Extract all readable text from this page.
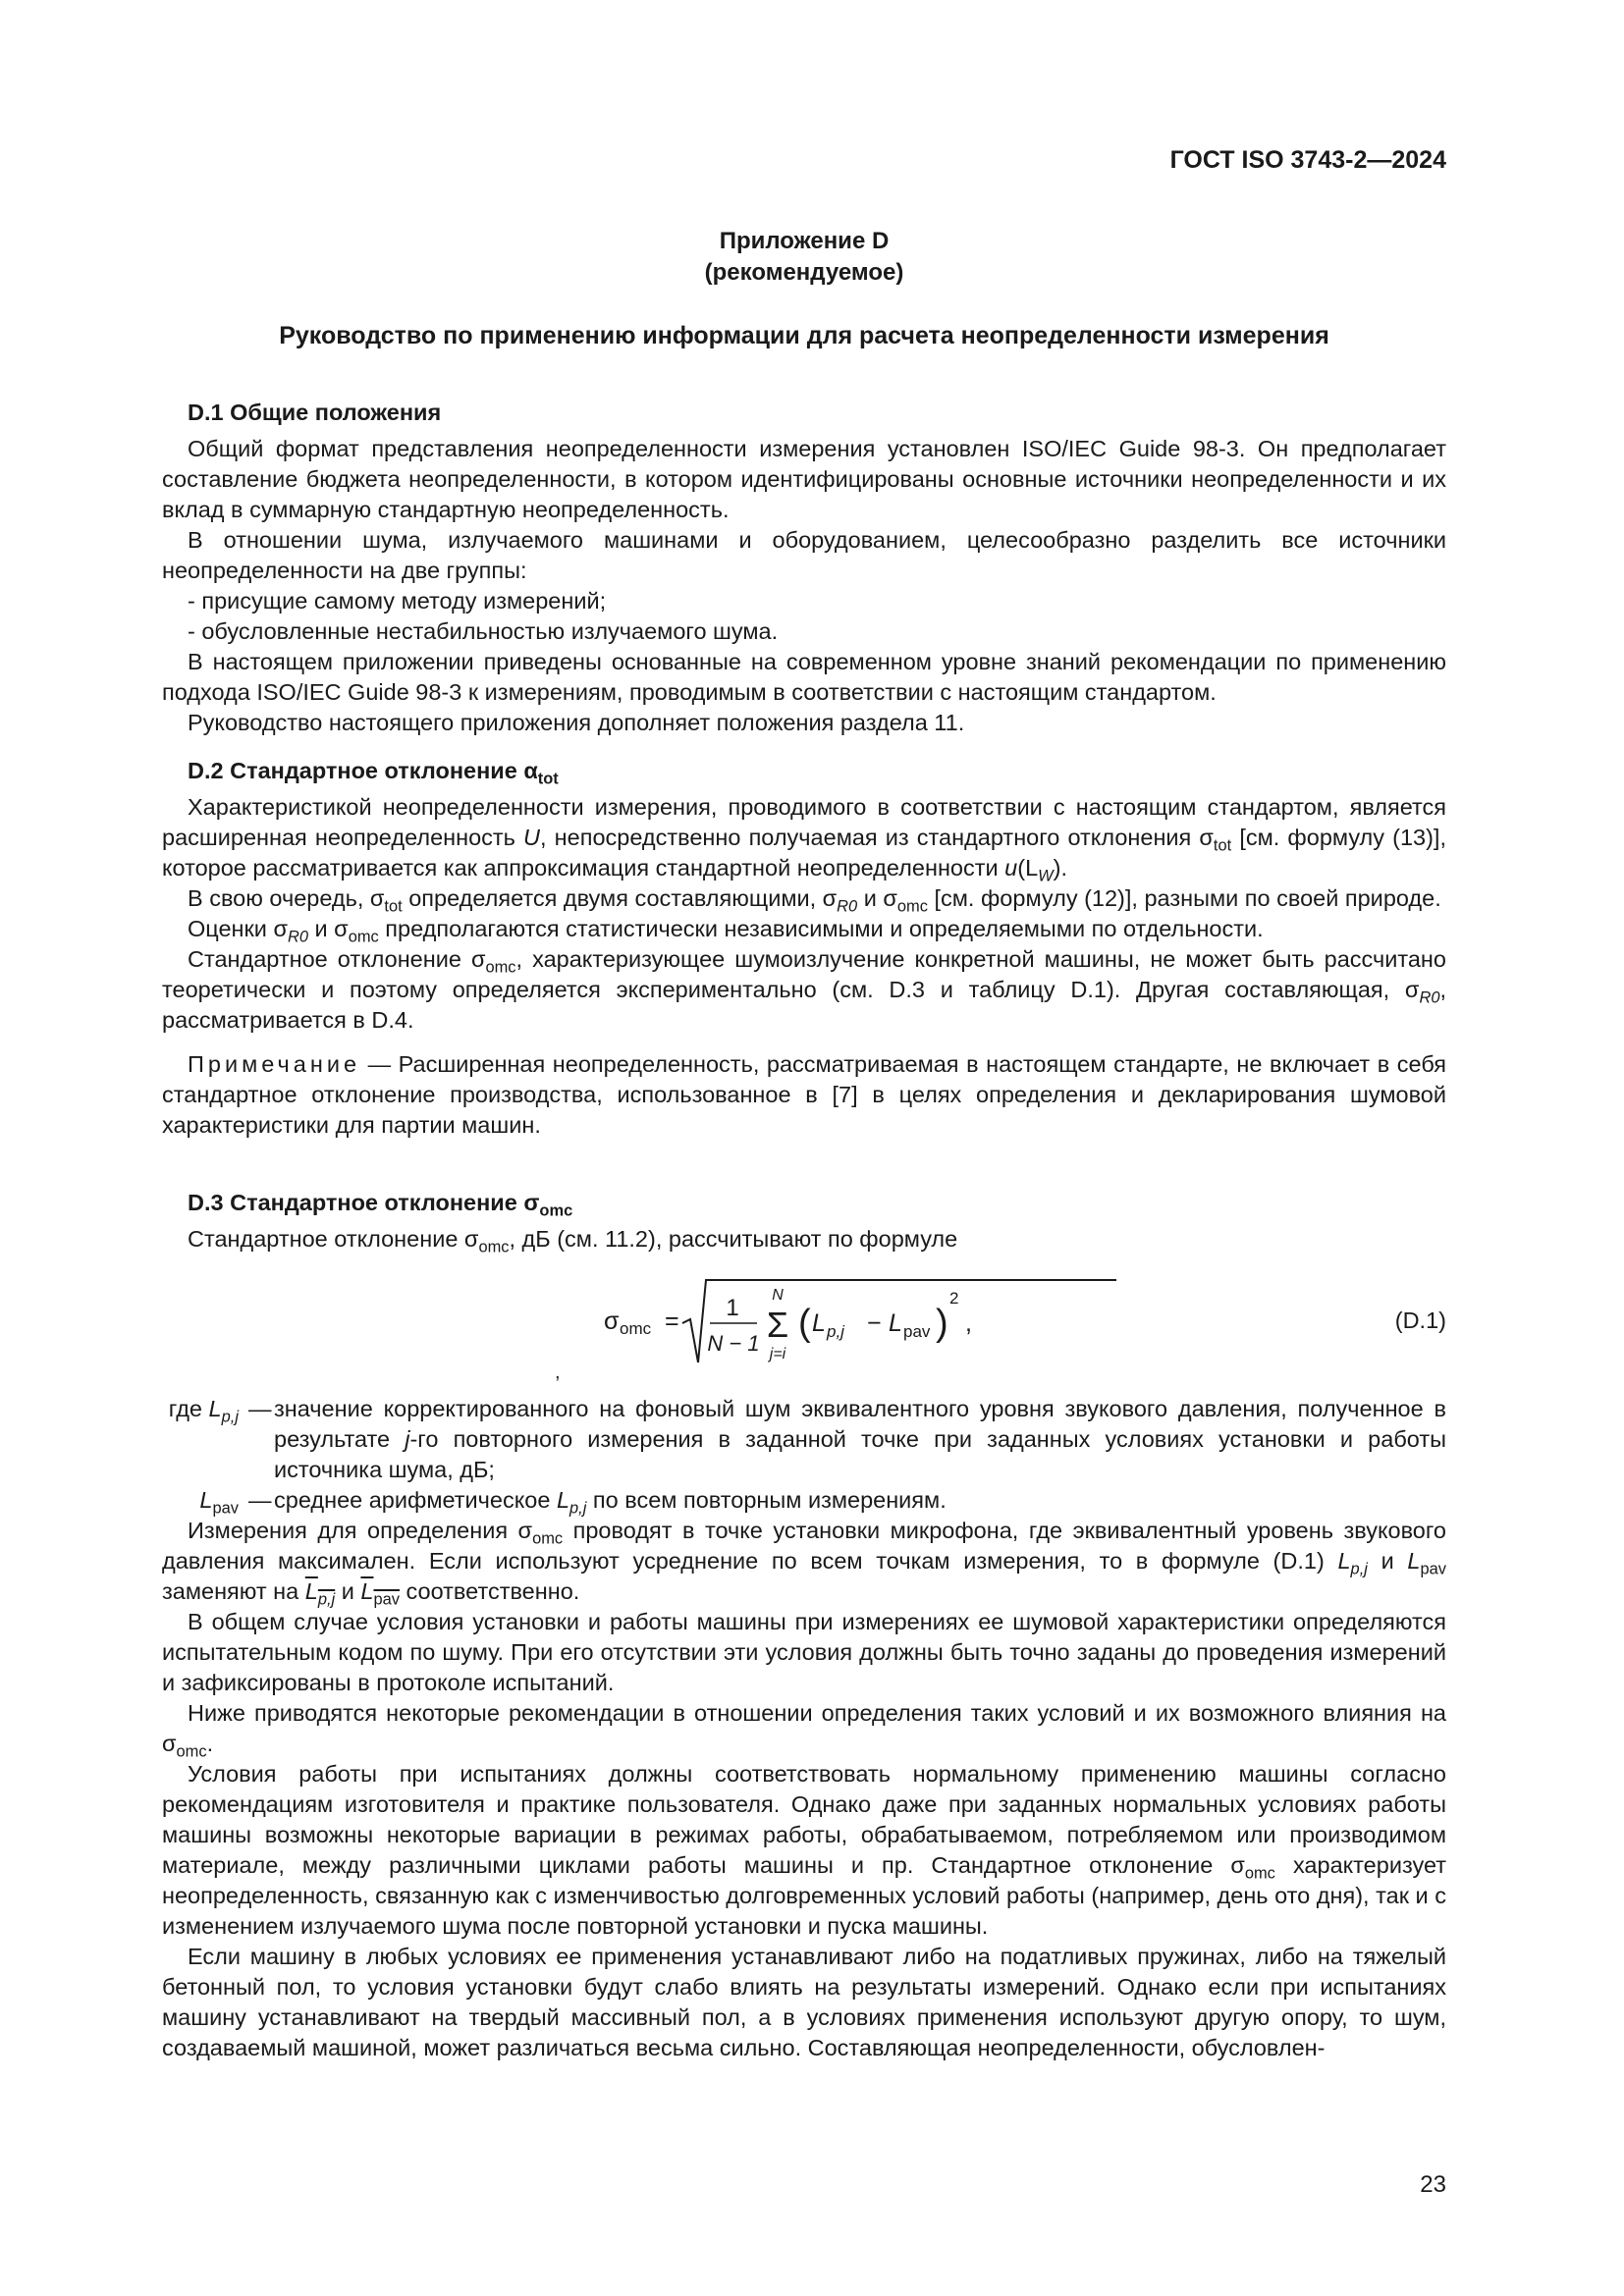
ГОСТ ISO 3743-2—2024
Приложение D
(рекомендуемое)
Руководство по применению информации для расчета неопределенности измерения
D.1 Общие положения

Общий формат представления неопределенности измерения установлен ISO/IEC Guide 98-3. Он предполагает составление бюджета неопределенности, в котором идентифицированы основные источники неопределенности и их вклад в суммарную стандартную неопределенность.

В отношении шума, излучаемого машинами и оборудованием, целесообразно разделить все источники неопределенности на две группы:

- присущие самому методу измерений;

- обусловленные нестабильностью излучаемого шума.

В настоящем приложении приведены основанные на современном уровне знаний рекомендации по применению подхода ISO/IEC Guide 98-3 к измерениям, проводимым в соответствии с настоящим стандартом.

Руководство настоящего приложения дополняет положения раздела 11.

D.2 Стандартное отклонение $\alpha_{tot}$

Характеристикой неопределенности измерения, проводимого в соответствии с настоящим стандартом, является расширенная неопределенность U, непосредственно получаемая из стандартного отклонения $\sigma_{tot}$ [см. формулу (13)], которое рассматривается как аппроксимация стандартной неопределенности $u(L_W)$.

В свою очередь, $\sigma_{tot}$ определяется двумя составляющими, $\sigma_{R0}$ и $\sigma_{omc}$ [см. формулу (12)], разными по своей природе.

Оценки $\sigma_{R0}$ и $\sigma_{omc}$ предполагаются статистически независимыми и определяемыми по отдельности.

Стандартное отклонение $\sigma_{omc}$, характеризующее шумоизлучение конкретной машины, не может быть рассчитано теоретически и поэтому определяется экспериментально (см. D.3 и таблицу D.1). Другая составляющая, $\sigma_{R0}$, рассматривается в D.4.

Примечание — Расширенная неопределенность, рассматриваемая в настоящем стандарте, не включает в себя стандартное отклонение производства, использованное в [7] в целях определения и декларирования шумовой характеристики для партии машин.

D.3 Стандартное отклонение $\sigma_{omc}$

Стандартное отклонение $\sigma_{omc}$, дБ (см. 11.2), рассчитывают по формуле

σ omc = 1
N − 1
N
Σ
j=i
( L p,j − L pav )
2
,
,
(D.1)
где $L_{p,j}$ — значение корректированного на фоновый шум эквивалентного уровня звукового давления, полученное в результате j-го повторного измерения в заданной точке при заданных условиях установки и работы источника шума, дБ;
$L_{pav}$ — среднее арифметическое $L_{p,j}$ по всем повторным измерениям.

Измерения для определения $\sigma_{omc}$ проводят в точке установки микрофона, где эквивалентный уровень звукового давления максимален. Если используют усреднение по всем точкам измерения, то в формуле (D.1) $L_{p,j}$ и $L_{pav}$ заменяют на $L_{p,j}$ и $L_{pav}$ соответственно.

В общем случае условия установки и работы машины при измерениях ее шумовой характеристики определяются испытательным кодом по шуму. При его отсутствии эти условия должны быть точно заданы до проведения измерений и зафиксированы в протоколе испытаний.

Ниже приводятся некоторые рекомендации в отношении определения таких условий и их возможного влияния на $\sigma_{omc}$.

Условия работы при испытаниях должны соответствовать нормальному применению машины согласно рекомендациям изготовителя и практике пользователя. Однако даже при заданных нормальных условиях работы машины возможны некоторые вариации в режимах работы, обрабатываемом, потребляемом или производимом материале, между различными циклами работы машины и пр. Стандартное отклонение $\sigma_{omc}$ характеризует неопределенность, связанную как с изменчивостью долговременных условий работы (например, день ото дня), так и с изменением излучаемого шума после повторной установки и пуска машины.

Если машину в любых условиях ее применения устанавливают либо на податливых пружинах, либо на тяжелый бетонный пол, то условия установки будут слабо влиять на результаты измерений. Однако если при испытаниях машину устанавливают на твердый массивный пол, а в условиях применения используют другую опору, то шум, создаваемый машиной, может различаться весьма сильно. Составляющая неопределенности, обусловлен-

23
